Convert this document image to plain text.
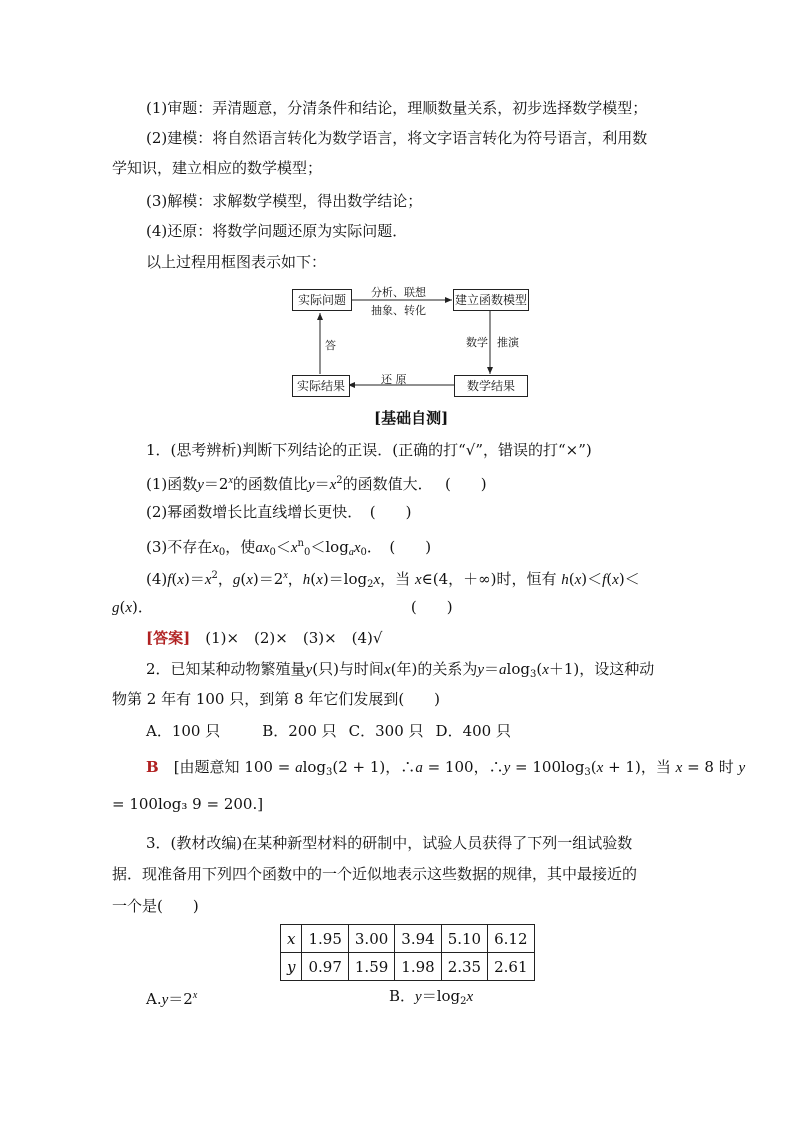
(1)审题：弄清题意，分清条件和结论，理顺数量关系，初步选择数学模型；
(2)建模：将自然语言转化为数学语言，将文字语言转化为符号语言，利用数
学知识，建立相应的数学模型；
(3)解模：求解数学模型，得出数学结论；
(4)还原：将数学问题还原为实际问题．
以上过程用框图表示如下：
实际问题	建立函数模型
数学结果
实际结果
分析、联想
抽象、转化
数学 推演
还 原
答
[基础自测]
1．(思考辨析)判断下列结论的正误．(正确的打“√”，错误的打“×”)
(1)函数$y=2^x$的函数值比$y=x^2$的函数值大．　 (　　)
(2)幂函数增长比直线增长更快．　(　　)
(3)不存在$x_0$，使$ax_0<x^n_0<\log_ax_0$．　(　　)
$(4)f(x)=x^2$，$g(x)=2^x$，$h(x)=\log_2x$，当 x∈(4，＋∞)时，恒有 h(x)＜f(x)＜
g(x)．	(　　)
[答案]　 (1)×　(2)×　(3)×　(4)√
2．已知某种动物繁殖量y(只)与时间x(年)的关系为y＝alog$_3$(x＋1)，设这种动
物第 2 年有 100 只，到第 8 年它们发展到(　　)
A．100 只	B．200 只 C．300 只 D．400 只
B　 [由题意知 100 = alog$_3$(2 + 1)，∴a = 100，∴y = $100\log_3(x + 1)$，当 x = 8 时 y
= 100log₃ 9 = 200.]
3．(教材改编)在某种新型材料的研制中，试验人员获得了下列一组试验数
据．现准备用下列四个函数中的一个近似地表示这些数据的规律，其中最接近的
一个是(　　)
x	1.95	3.00	3.94	5.10	6.12
y	0.97	1.59	1.98	2.35	2.61
$A.y=2^x$	B．$y=\log_2x$
